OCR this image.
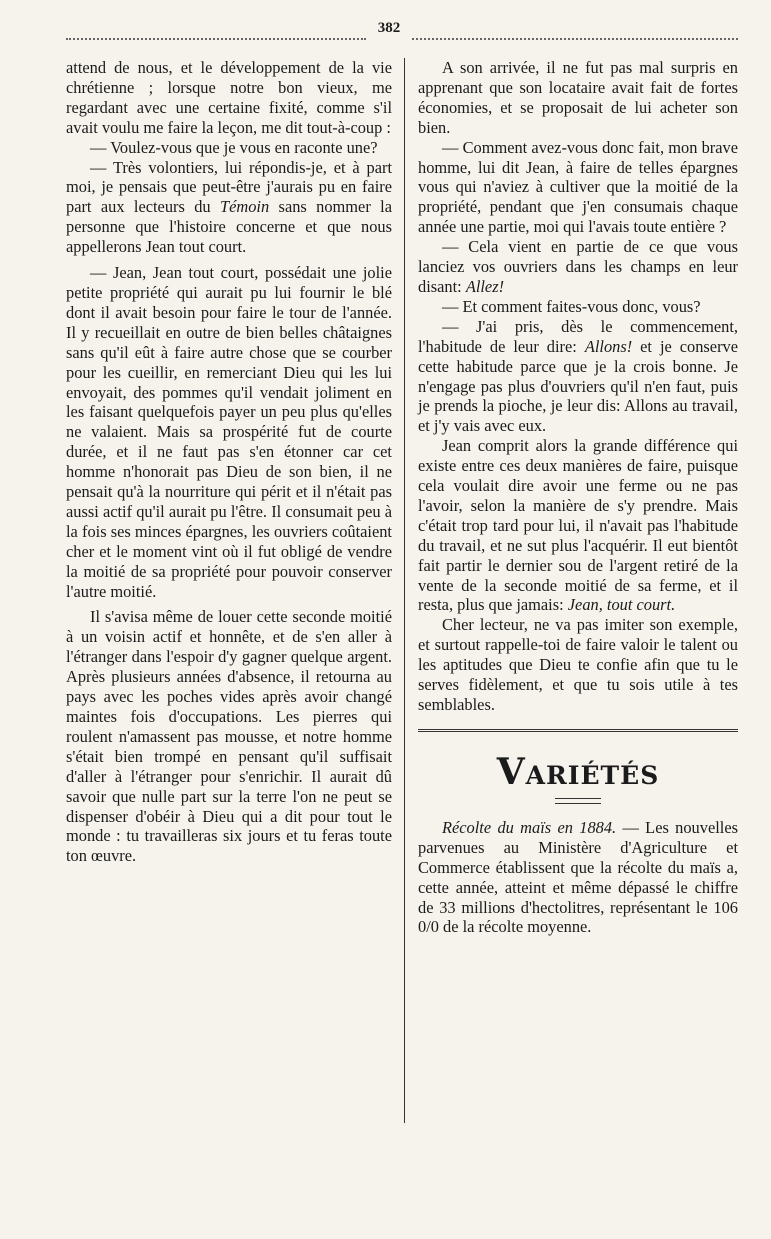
382

attend de nous, et le développement de la vie chrétienne ; lorsque notre bon vieux, me regardant avec une certaine fixité, comme s'il avait voulu me faire la leçon, me dit tout-à-coup :

— Voulez-vous que je vous en raconte une?

— Très volontiers, lui répondis-je, et à part moi, je pensais que peut-être j'aurais pu en faire part aux lecteurs du Témoin sans nommer la personne que l'histoire concerne et que nous appellerons Jean tout court.

— Jean, Jean tout court, possédait une jolie petite propriété qui aurait pu lui fournir le blé dont il avait besoin pour faire le tour de l'année. Il y recueillait en outre de bien belles châtaignes sans qu'il eût à faire autre chose que se courber pour les cueillir, en remerciant Dieu qui les lui envoyait, des pommes qu'il vendait joliment en les faisant quelquefois payer un peu plus qu'elles ne valaient. Mais sa prospérité fut de courte durée, et il ne faut pas s'en étonner car cet homme n'honorait pas Dieu de son bien, il ne pensait qu'à la nourriture qui périt et il n'était pas aussi actif qu'il aurait pu l'être. Il consumait peu à la fois ses minces épargnes, les ouvriers coûtaient cher et le moment vint où il fut obligé de vendre la moitié de sa propriété pour pouvoir conserver l'autre moitié.

Il s'avisa même de louer cette seconde moitié à un voisin actif et honnête, et de s'en aller à l'étranger dans l'espoir d'y gagner quelque argent. Après plusieurs années d'absence, il retourna au pays avec les poches vides après avoir changé maintes fois d'occupations. Les pierres qui roulent n'amassent pas mousse, et notre homme s'était bien trompé en pensant qu'il suffisait d'aller à l'étranger pour s'enrichir. Il aurait dû savoir que nulle part sur la terre l'on ne peut se dispenser d'obéir à Dieu qui a dit pour tout le monde : tu travailleras six jours et tu feras toute ton œuvre.

A son arrivée, il ne fut pas mal surpris en apprenant que son locataire avait fait de fortes économies, et se proposait de lui acheter son bien.

— Comment avez-vous donc fait, mon brave homme, lui dit Jean, à faire de telles épargnes vous qui n'aviez à cultiver que la moitié de la propriété, pendant que j'en consumais chaque année une partie, moi qui l'avais toute entière ?

— Cela vient en partie de ce que vous lanciez vos ouvriers dans les champs en leur disant: Allez!

— Et comment faites-vous donc, vous?

— J'ai pris, dès le commencement, l'habitude de leur dire: Allons! et je conserve cette habitude parce que je la crois bonne. Je n'engage pas plus d'ouvriers qu'il n'en faut, puis je prends la pioche, je leur dis: Allons au travail, et j'y vais avec eux.

Jean comprit alors la grande différence qui existe entre ces deux manières de faire, puisque cela voulait dire avoir une ferme ou ne pas l'avoir, selon la manière de s'y prendre. Mais c'était trop tard pour lui, il n'avait pas l'habitude du travail, et ne sut plus l'acquérir. Il eut bientôt fait partir le dernier sou de l'argent retiré de la vente de la seconde moitié de sa ferme, et il resta, plus que jamais: Jean, tout court.

Cher lecteur, ne va pas imiter son exemple, et surtout rappelle-toi de faire valoir le talent ou les aptitudes que Dieu te confie afin que tu le serves fidèlement, et que tu sois utile à tes semblables.

Variétés

Récolte du maïs en 1884. — Les nouvelles parvenues au Ministère d'Agriculture et Commerce établissent que la récolte du maïs a, cette année, atteint et même dépassé le chiffre de 33 millions d'hectolitres, représentant le 106 0/0 de la récolte moyenne.
